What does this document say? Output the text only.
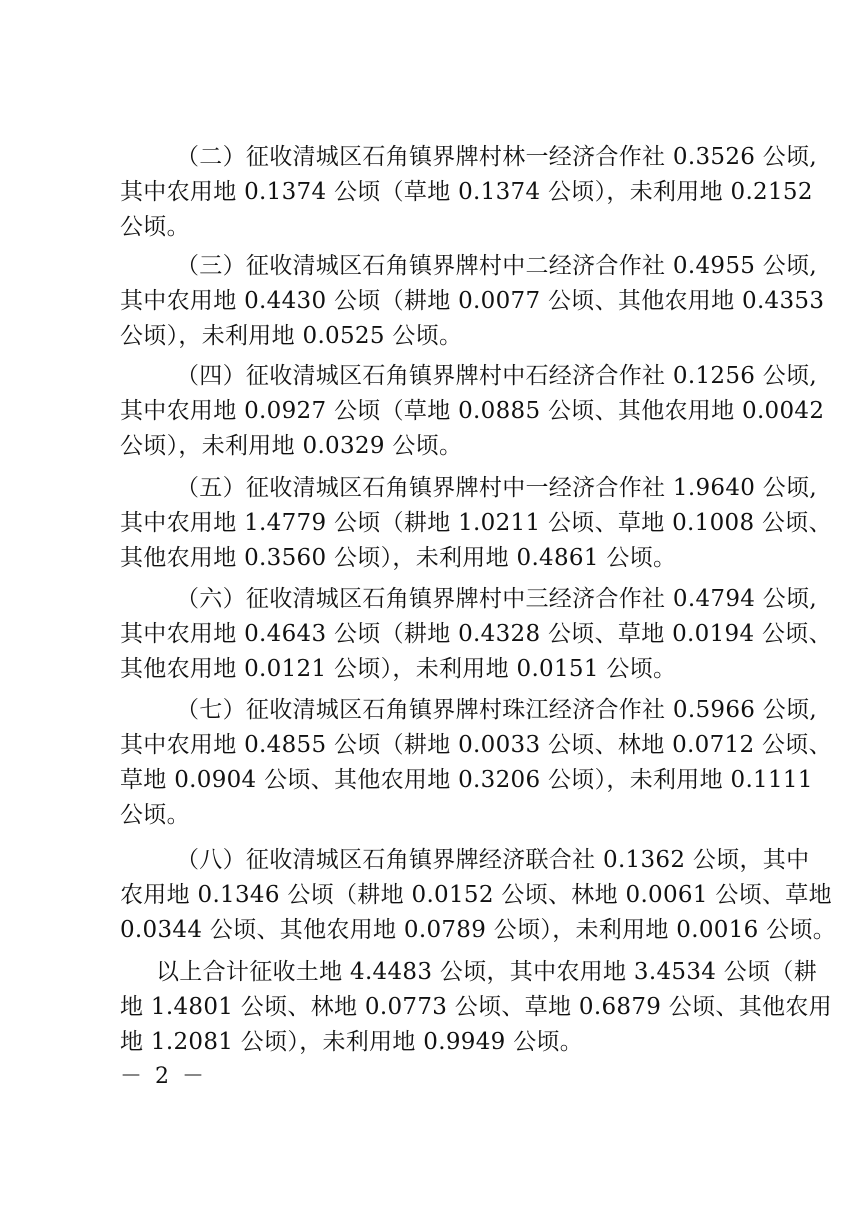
（二）征收清城区石角镇界牌村林一经济合作社 0.3526 公顷,
其中农用地 0.1374 公顷（草地 0.1374 公顷），未利用地 0.2152
公顷。
（三）征收清城区石角镇界牌村中二经济合作社 0.4955 公顷,
其中农用地 0.4430 公顷（耕地 0.0077 公顷、其他农用地 0.4353
公顷），未利用地 0.0525 公顷。
（四）征收清城区石角镇界牌村中石经济合作社 0.1256 公顷,
其中农用地 0.0927 公顷（草地 0.0885 公顷、其他农用地 0.0042
公顷），未利用地 0.0329 公顷。
（五）征收清城区石角镇界牌村中一经济合作社 1.9640 公顷,
其中农用地 1.4779 公顷（耕地 1.0211 公顷、草地 0.1008 公顷、
其他农用地 0.3560 公顷），未利用地 0.4861 公顷。
（六）征收清城区石角镇界牌村中三经济合作社 0.4794 公顷,
其中农用地 0.4643 公顷（耕地 0.4328 公顷、草地 0.0194 公顷、
其他农用地 0.0121 公顷），未利用地 0.0151 公顷。
（七）征收清城区石角镇界牌村珠江经济合作社 0.5966 公顷,
其中农用地 0.4855 公顷（耕地 0.0033 公顷、林地 0.0712 公顷、
草地 0.0904 公顷、其他农用地 0.3206 公顷），未利用地 0.1111
公顷。
（八）征收清城区石角镇界牌经济联合社 0.1362 公顷，其中
农用地 0.1346 公顷（耕地 0.0152 公顷、林地 0.0061 公顷、草地
0.0344 公顷、其他农用地 0.0789 公顷），未利用地 0.0016 公顷。
以上合计征收土地 4.4483 公顷，其中农用地 3.4534 公顷（耕
地 1.4801 公顷、林地 0.0773 公顷、草地 0.6879 公顷、其他农用
地 1.2081 公顷），未利用地 0.9949 公顷。
－ 2 －
